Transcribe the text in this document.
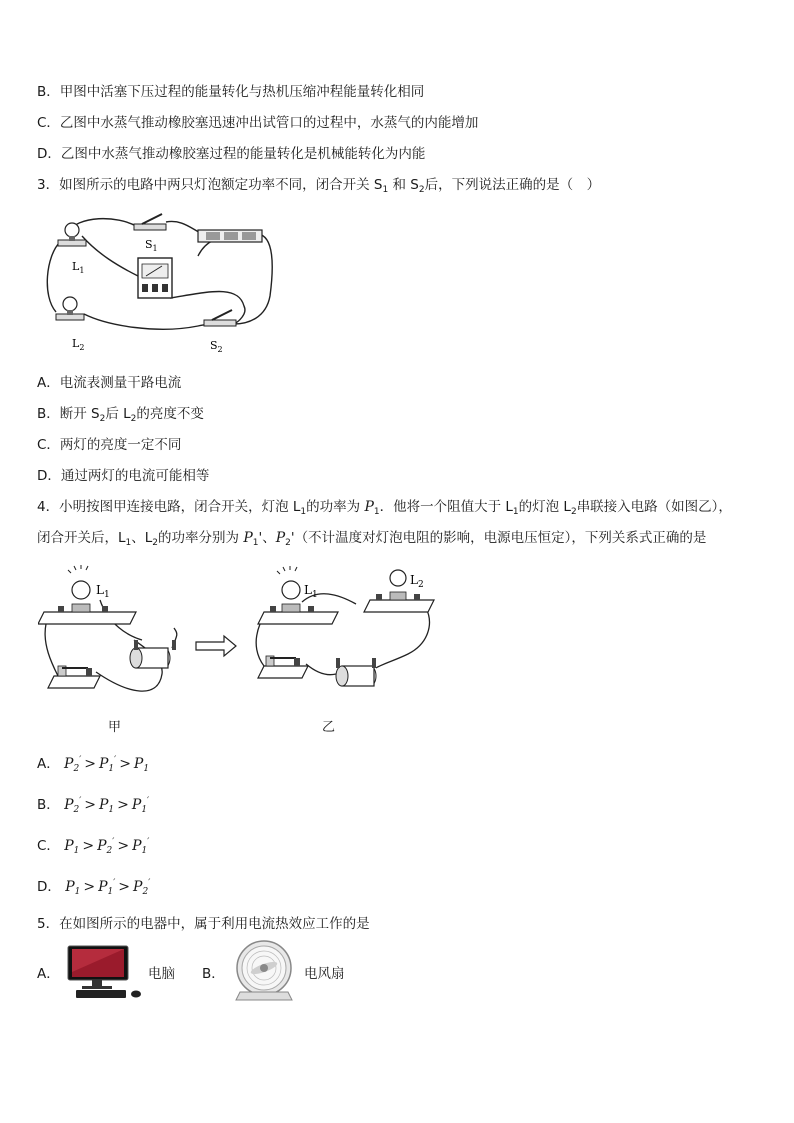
B．甲图中活塞下压过程的能量转化与热机压缩冲程能量转化相同
C．乙图中水蒸气推动橡胶塞迅速冲出试管口的过程中，水蒸气的内能增加
D．乙图中水蒸气推动橡胶塞过程的能量转化是机械能转化为内能
3．如图所示的电路中两只灯泡额定功率不同，闭合开关 $S_1$ 和 $S_2$后，下列说法正确的是（　）
$S_1$
$L_1$
$L_2$	$S_2$
A．电流表测量干路电流
B．断开 $S_2$后 $L_2$的亮度不变
C．两灯的亮度一定不同
D．通过两灯的电流可能相等
4．小明按图甲连接电路，闭合开关，灯泡 $L_1$的功率为 $P_1$．他将一个阻值大于 $L_1$的灯泡 $L_2$串联接入电路（如图乙），
闭合开关后，$L_1$、$L_2$的功率分别为 $P_1'$、$P_2'$（不计温度对灯泡电阻的影响，电源电压恒定），下列关系式正确的是
$L_1$	$L_1$
$L_2$
甲	乙
A． $P_2' > P_1' > P_1$
B． $P_2' > P_1 > P_1'$
C． $P_1 > P_2' > P_1'$
D． $P_1 > P_1' > P_2'$
5．在如图所示的电器中，属于利用电流热效应工作的是
A．	电脑 B．	电风扇
